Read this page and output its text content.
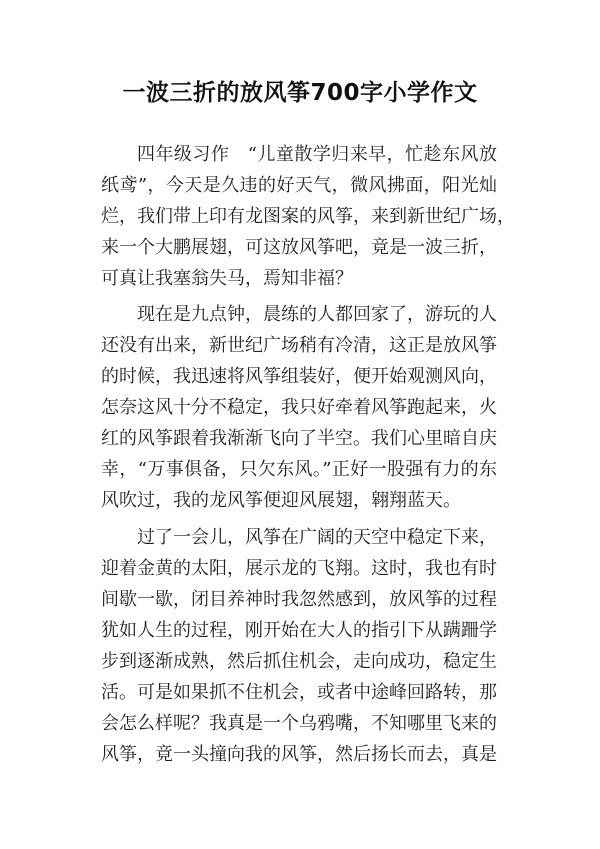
一波三折的放风筝700字小学作文
四年级习作　“儿童散学归来早，忙趁东风放
纸鸢”，今天是久违的好天气，微风拂面，阳光灿
烂，我们带上印有龙图案的风筝，来到新世纪广场，
来一个大鹏展翅，可这放风筝吧，竟是一波三折，
可真让我塞翁失马，焉知非福？
现在是九点钟，晨练的人都回家了，游玩的人
还没有出来，新世纪广场稍有冷清，这正是放风筝
的时候，我迅速将风筝组装好，便开始观测风向，
怎奈这风十分不稳定，我只好牵着风筝跑起来，火
红的风筝跟着我渐渐飞向了半空。我们心里暗自庆
幸，“万事俱备，只欠东风。”正好一股强有力的东
风吹过，我的龙风筝便迎风展翅，翱翔蓝天。
过了一会儿，风筝在广阔的天空中稳定下来，
迎着金黄的太阳，展示龙的飞翔。这时，我也有时
间歇一歇，闭目养神时我忽然感到，放风筝的过程
犹如人生的过程，刚开始在大人的指引下从蹒跚学
步到逐渐成熟，然后抓住机会，走向成功，稳定生
活。可是如果抓不住机会，或者中途峰回路转，那
会怎么样呢？我真是一个乌鸦嘴，不知哪里飞来的
风筝，竟一头撞向我的风筝，然后扬长而去，真是
